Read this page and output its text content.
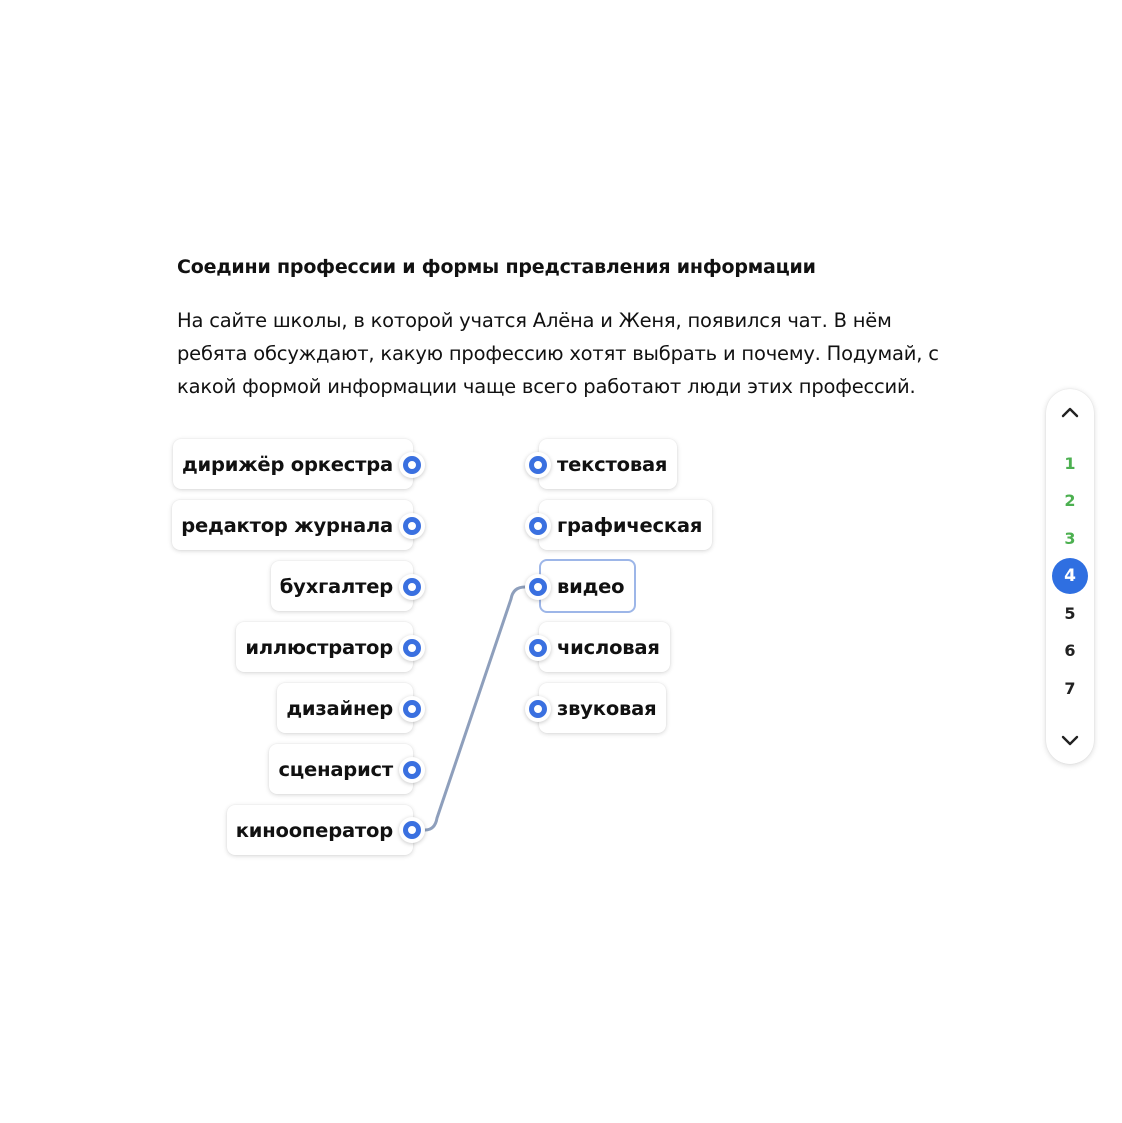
Соедини профессии и формы представления информации
На сайте школы, в которой учатся Алёна и Женя, появился чат. В нём ребята обсуждают, какую профессию хотят выбрать и почему. Подумай, с какой формой информации чаще всего работают люди этих профессий.
дирижёр оркестра
редактор журнала
бухгалтер
иллюстратор
дизайнер
сценарист
кинооператор
текстовая
графическая
видео
числовая
звуковая
1
2
3
4
5
6
7
